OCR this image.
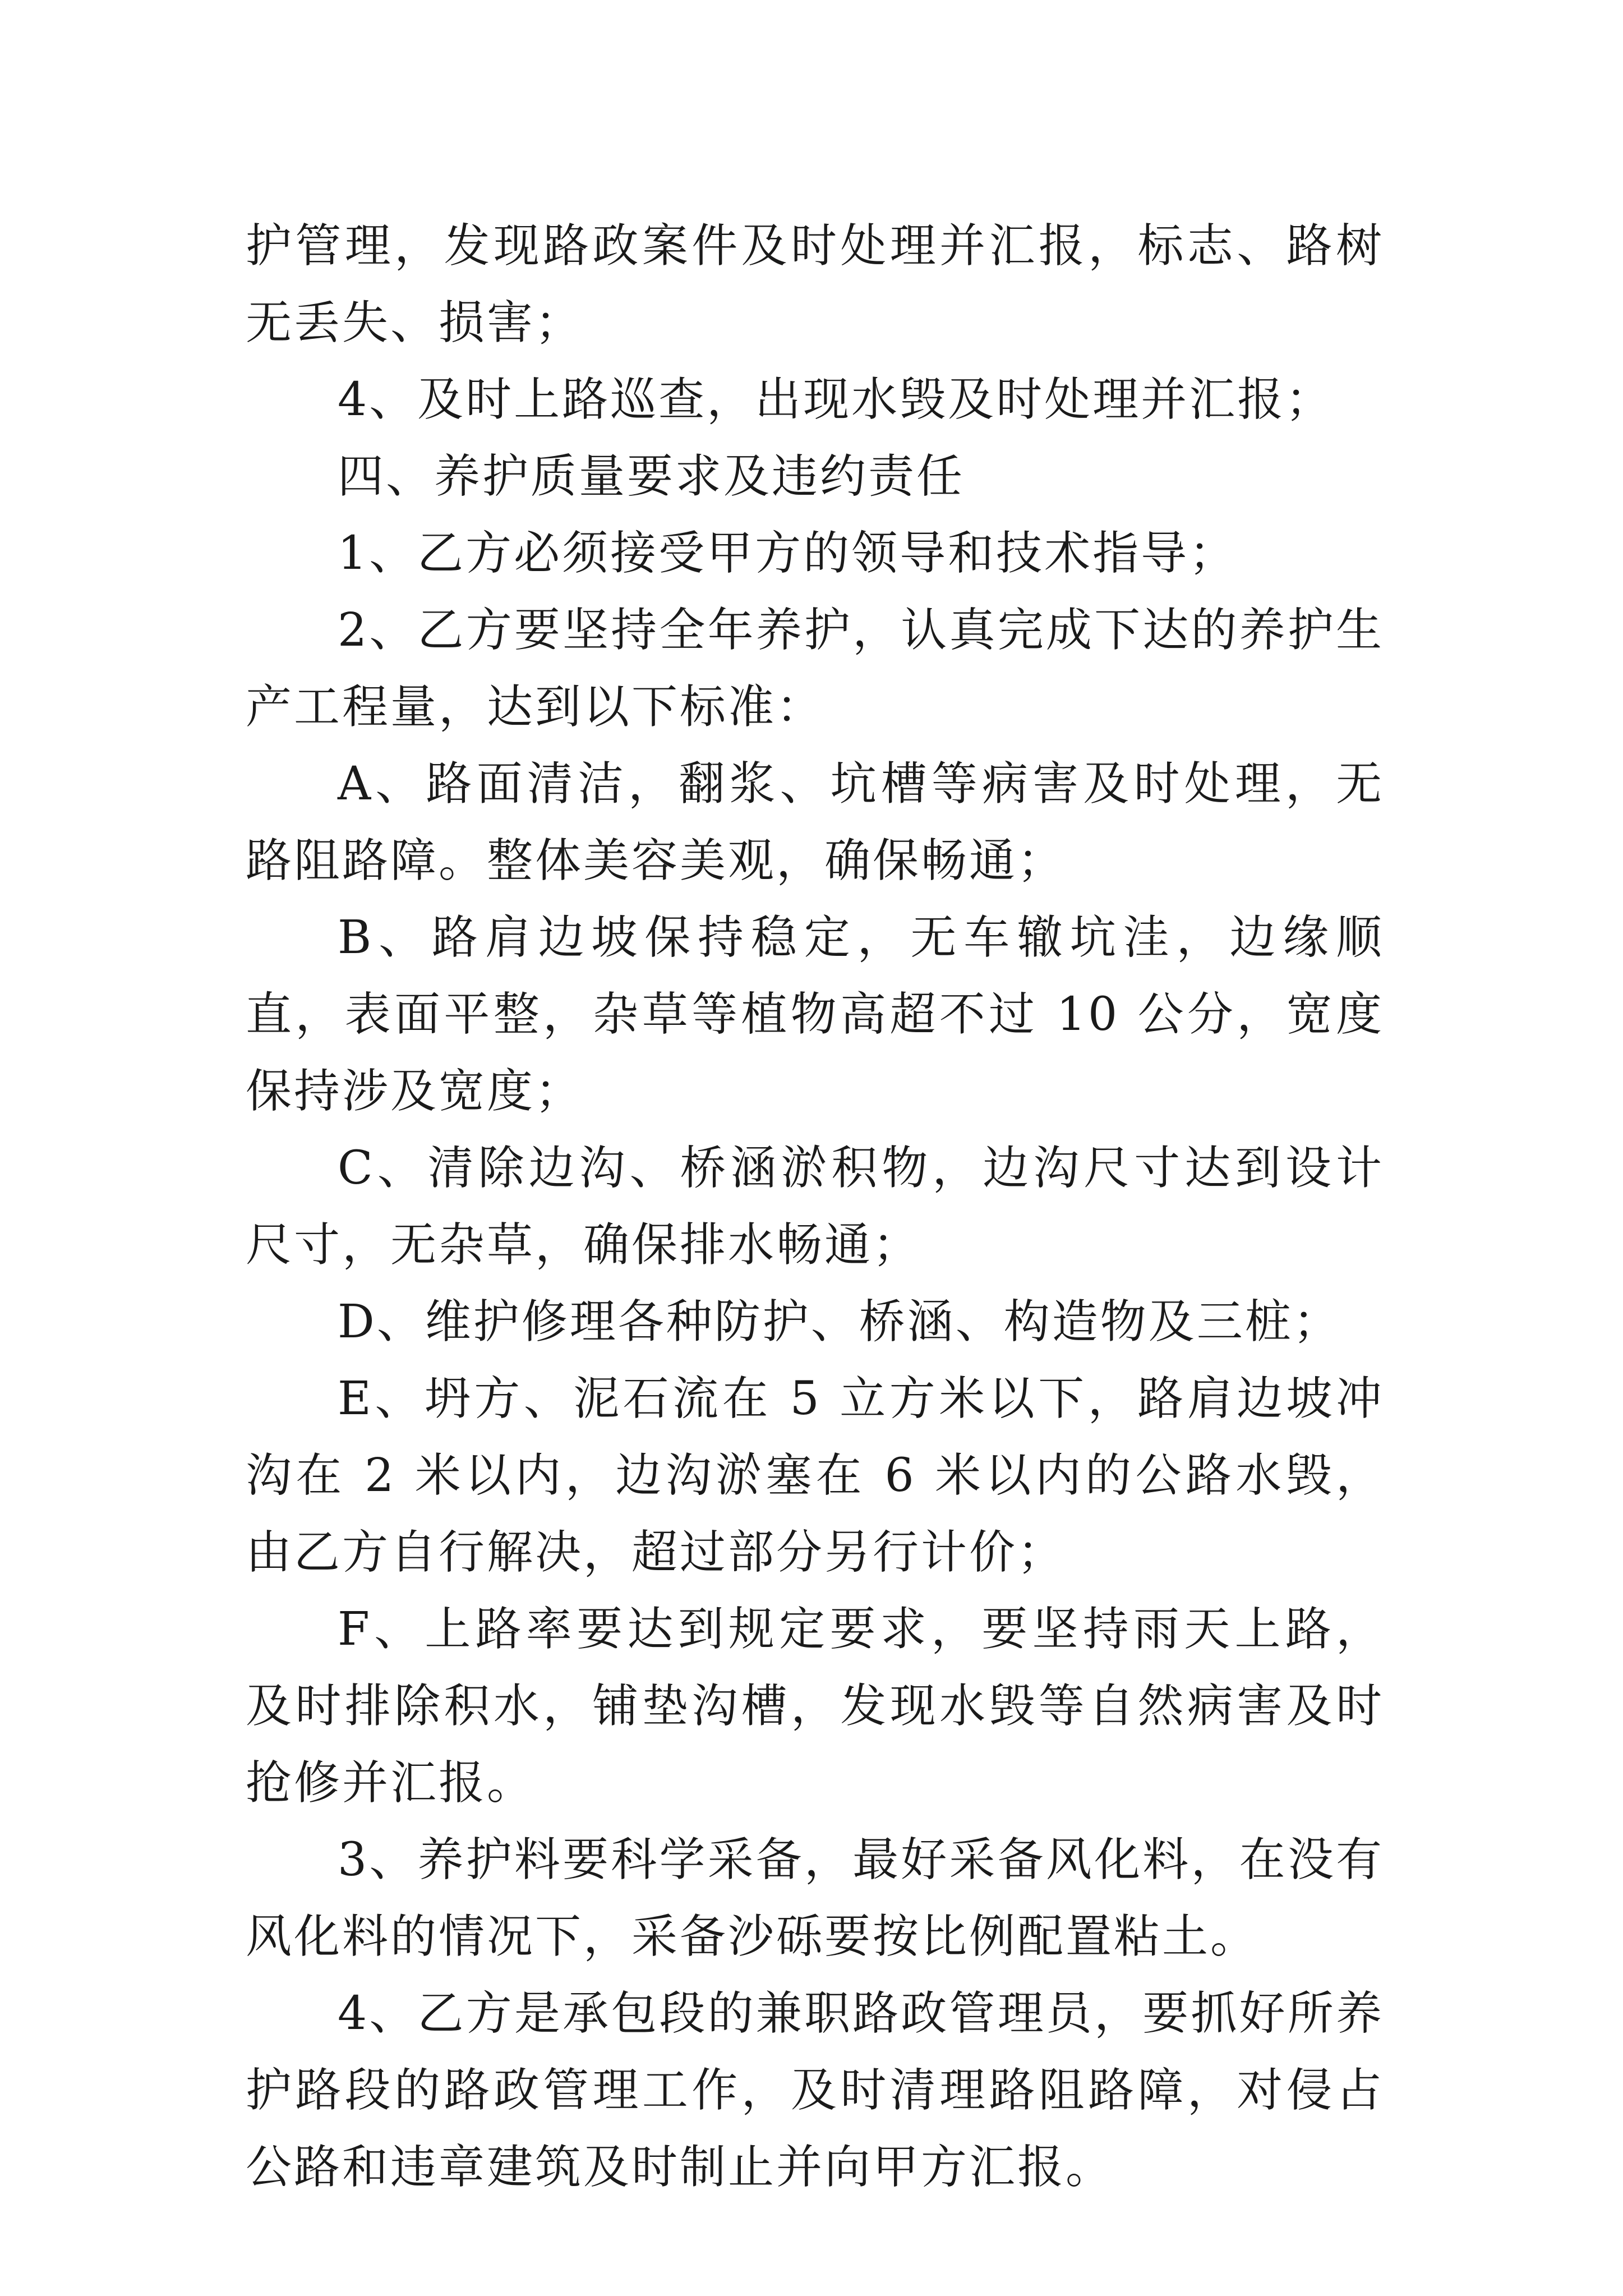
护管理，发现路政案件及时处理并汇报，标志、路树无丢失、损害；

4、及时上路巡查，出现水毁及时处理并汇报；

四、养护质量要求及违约责任

1、乙方必须接受甲方的领导和技术指导；

2、乙方要坚持全年养护，认真完成下达的养护生产工程量，达到以下标准：

A、路面清洁，翻浆、坑槽等病害及时处理，无路阻路障。整体美容美观，确保畅通；

B、路肩边坡保持稳定，无车辙坑洼，边缘顺直，表面平整，杂草等植物高超不过 10 公分，宽度保持涉及宽度；

C、清除边沟、桥涵淤积物，边沟尺寸达到设计尺寸，无杂草，确保排水畅通；

D、维护修理各种防护、桥涵、构造物及三桩；

E、坍方、泥石流在 5 立方米以下，路肩边坡冲沟在 2 米以内，边沟淤塞在 6 米以内的公路水毁，由乙方自行解决，超过部分另行计价；

F、上路率要达到规定要求，要坚持雨天上路，及时排除积水，铺垫沟槽，发现水毁等自然病害及时抢修并汇报。

3、养护料要科学采备，最好采备风化料，在没有风化料的情况下，采备沙砾要按比例配置粘土。

4、乙方是承包段的兼职路政管理员，要抓好所养护路段的路政管理工作，及时清理路阻路障，对侵占公路和违章建筑及时制止并向甲方汇报。
